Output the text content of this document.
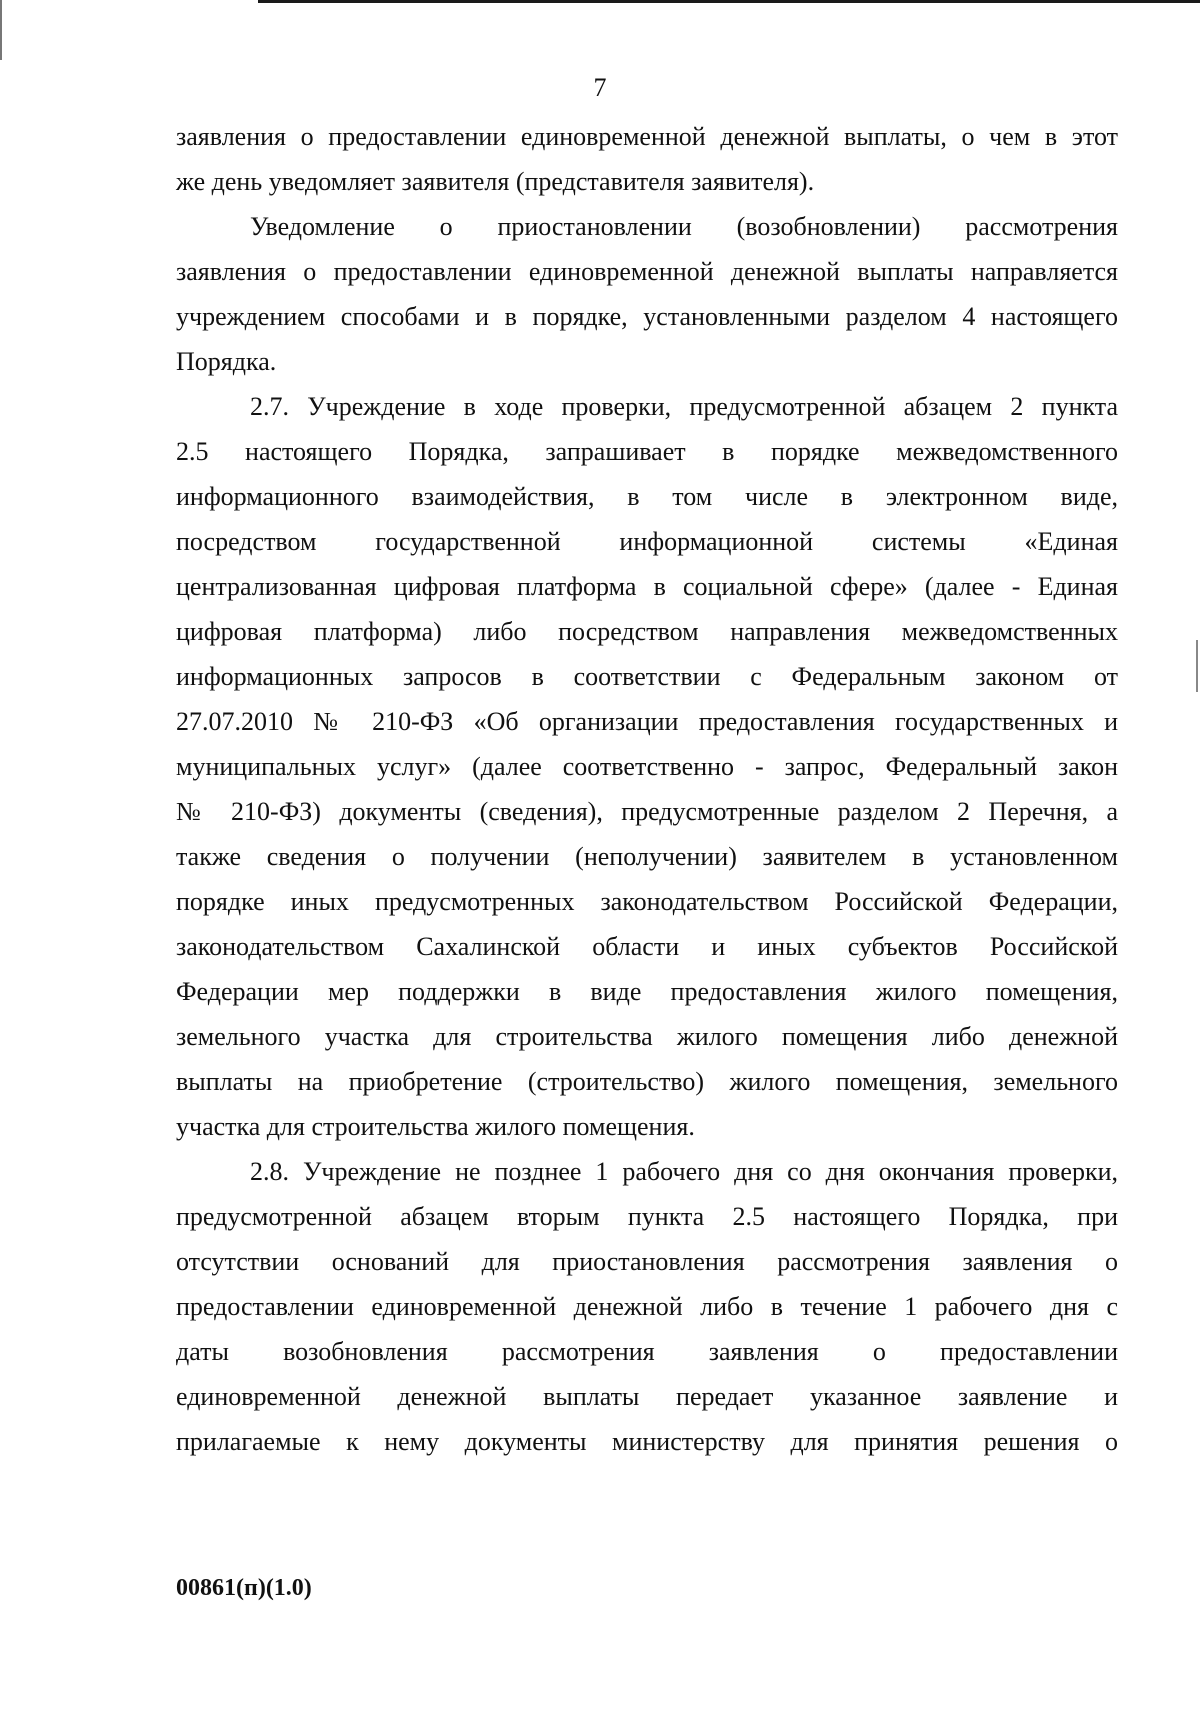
7
заявления о предоставлении единовременной денежной выплаты, о чем в этот
же день уведомляет заявителя (представителя заявителя).
Уведомление о приостановлении (возобновлении) рассмотрения
заявления о предоставлении единовременной денежной выплаты направляется
учреждением способами и в порядке, установленными разделом 4 настоящего
Порядка.
2.7. Учреждение в ходе проверки, предусмотренной абзацем 2 пункта
2.5 настоящего Порядка, запрашивает в порядке межведомственного
информационного взаимодействия, в том числе в электронном виде,
посредством государственной информационной системы «Единая
централизованная цифровая платформа в социальной сфере» (далее - Единая
цифровая платформа) либо посредством направления межведомственных
информационных запросов в соответствии с Федеральным законом от
27.07.2010 № 210-ФЗ «Об организации предоставления государственных и
муниципальных услуг» (далее соответственно - запрос, Федеральный закон
№ 210-ФЗ) документы (сведения), предусмотренные разделом 2 Перечня, а
также сведения о получении (неполучении) заявителем в установленном
порядке иных предусмотренных законодательством Российской Федерации,
законодательством Сахалинской области и иных субъектов Российской
Федерации мер поддержки в виде предоставления жилого помещения,
земельного участка для строительства жилого помещения либо денежной
выплаты на приобретение (строительство) жилого помещения, земельного
участка для строительства жилого помещения.
2.8. Учреждение не позднее 1 рабочего дня со дня окончания проверки,
предусмотренной абзацем вторым пункта 2.5 настоящего Порядка, при
отсутствии оснований для приостановления рассмотрения заявления о
предоставлении единовременной денежной либо в течение 1 рабочего дня с
даты возобновления рассмотрения заявления о предоставлении
единовременной денежной выплаты передает указанное заявление и
прилагаемые к нему документы министерству для принятия решения о
00861(п)(1.0)
